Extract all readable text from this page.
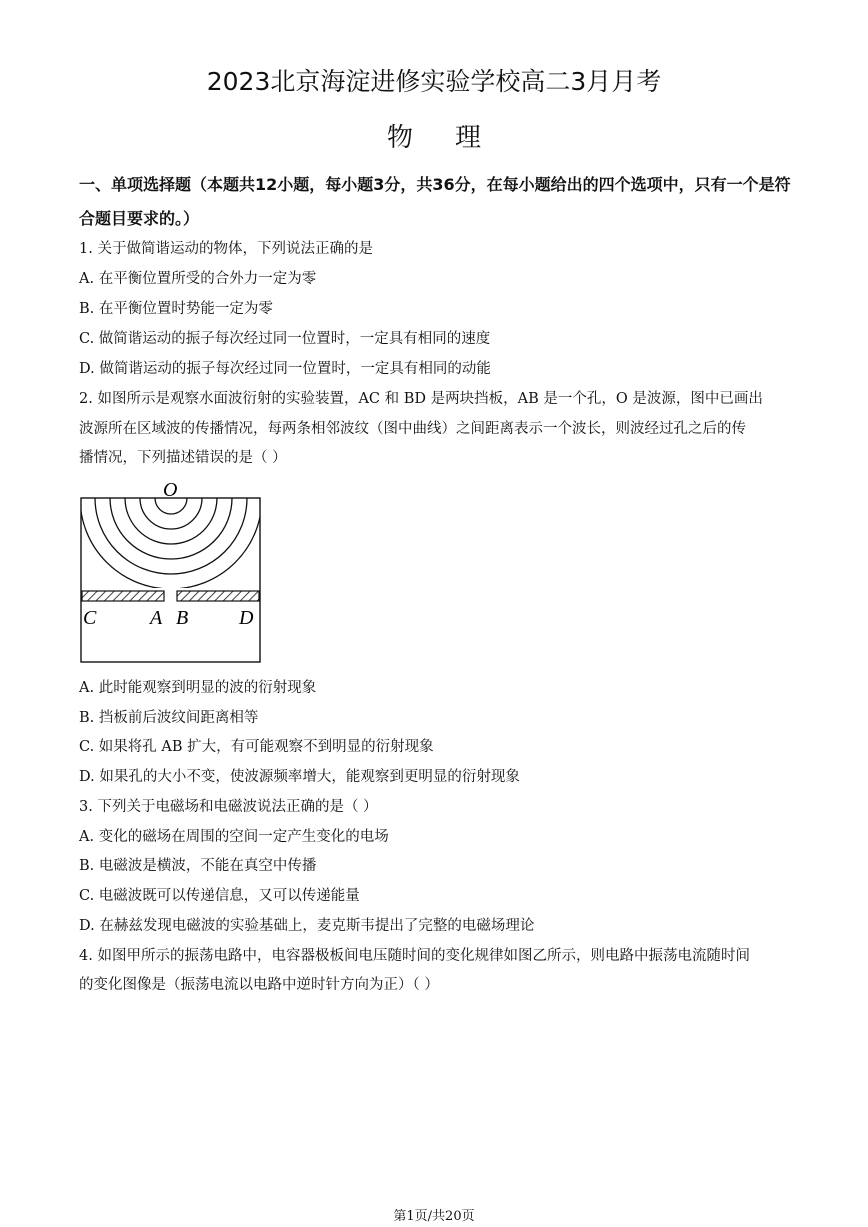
2023北京海淀进修实验学校高二3月月考
物理
一、单项选择题（本题共12小题，每小题3分，共36分，在每小题给出的四个选项中，只有一个是符合题目要求的。）
1. 关于做简谐运动的物体，下列说法正确的是
A. 在平衡位置所受的合外力一定为零
B. 在平衡位置时势能一定为零
C. 做简谐运动的振子每次经过同一位置时，一定具有相同的速度
D. 做简谐运动的振子每次经过同一位置时，一定具有相同的动能
2. 如图所示是观察水面波衍射的实验装置，AC 和 BD 是两块挡板，AB 是一个孔，O 是波源，图中已画出
波源所在区域波的传播情况，每两条相邻波纹（图中曲线）之间距离表示一个波长，则波经过孔之后的传
播情况，下列描述错误的是（ ）
O
C	A B	D
A. 此时能观察到明显的波的衍射现象
B. 挡板前后波纹间距离相等
C. 如果将孔 AB 扩大，有可能观察不到明显的衍射现象
D. 如果孔的大小不变，使波源频率增大，能观察到更明显的衍射现象
3. 下列关于电磁场和电磁波说法正确的是（ ）
A. 变化的磁场在周围的空间一定产生变化的电场
B. 电磁波是横波，不能在真空中传播
C. 电磁波既可以传递信息，又可以传递能量
D. 在赫兹发现电磁波的实验基础上，麦克斯韦提出了完整的电磁场理论
4. 如图甲所示的振荡电路中，电容器极板间电压随时间的变化规律如图乙所示，则电路中振荡电流随时间
的变化图像是（振荡电流以电路中逆时针方向为正）（ ）
第1页/共20页
